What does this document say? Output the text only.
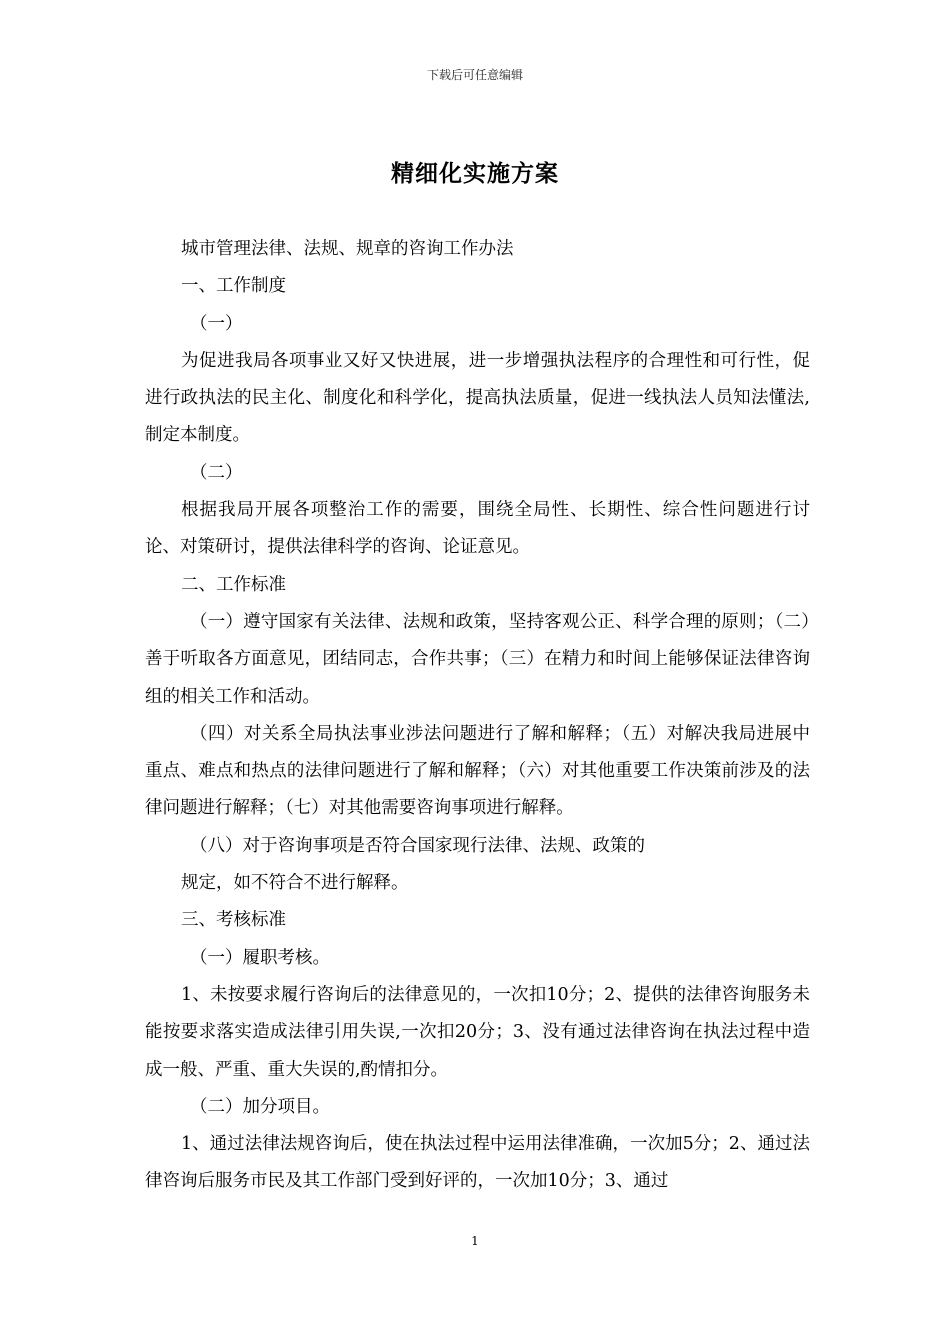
下载后可任意编辑
精细化实施方案

城市管理法律、法规、规章的咨询工作办法

一、工作制度

（一）

为促进我局各项事业又好又快进展，进一步增强执法程序的合理性和可行性，促进行政执法的民主化、制度化和科学化，提高执法质量，促进一线执法人员知法懂法,制定本制度。

（二）

根据我局开展各项整治工作的需要，围绕全局性、长期性、综合性问题进行讨论、对策研讨，提供法律科学的咨询、论证意见。

二、工作标准

（一）遵守国家有关法律、法规和政策，坚持客观公正、科学合理的原则；（二）善于听取各方面意见，团结同志，合作共事；（三）在精力和时间上能够保证法律咨询组的相关工作和活动。

（四）对关系全局执法事业涉法问题进行了解和解释；（五）对解决我局进展中重点、难点和热点的法律问题进行了解和解释；（六）对其他重要工作决策前涉及的法律问题进行解释；（七）对其他需要咨询事项进行解释。

（八）对于咨询事项是否符合国家现行法律、法规、政策的

规定，如不符合不进行解释。

三、考核标准

（一）履职考核。

1、未按要求履行咨询后的法律意见的，一次扣10分；2、提供的法律咨询服务未能按要求落实造成法律引用失误,一次扣20分；3、没有通过法律咨询在执法过程中造成一般、严重、重大失误的,酌情扣分。

（二）加分项目。

1、通过法律法规咨询后，使在执法过程中运用法律准确，一次加5分；2、通过法律咨询后服务市民及其工作部门受到好评的，一次加10分；3、通过

1
